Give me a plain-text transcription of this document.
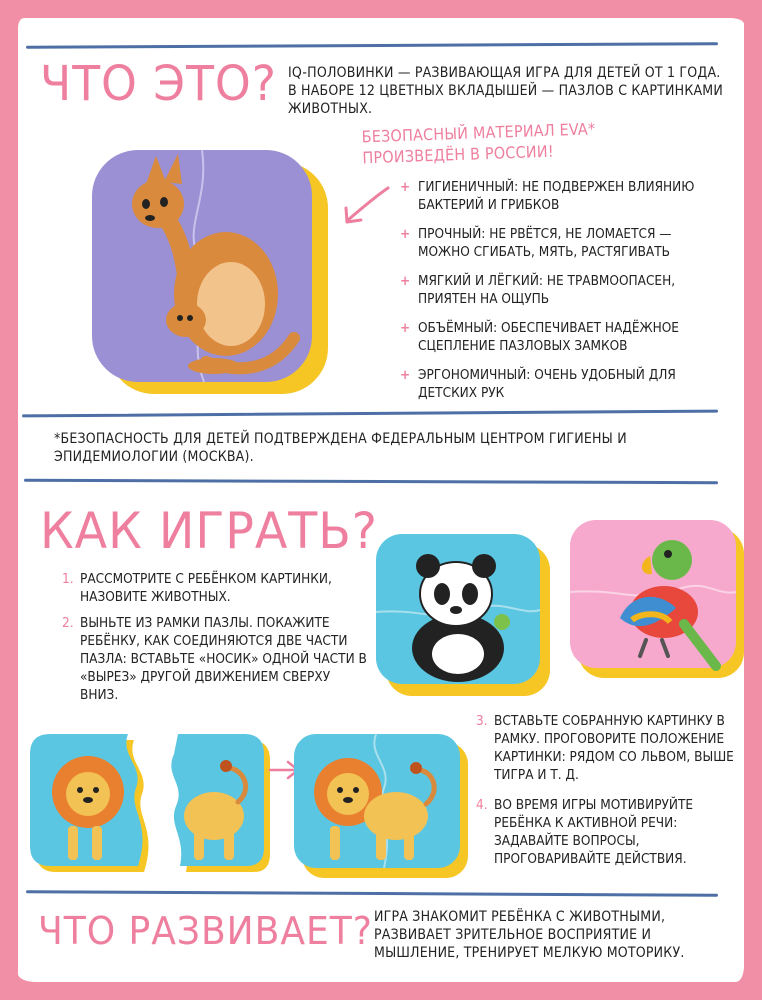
ЧТО ЭТО? IQ-ПОЛОВИНКИ — РАЗВИВАЮЩАЯ ИГРА ДЛЯ ДЕТЕЙ ОТ 1 ГОДА. В НАБОРЕ 12 ЦВЕТНЫХ ВКЛАДЫШЕЙ — ПАЗЛОВ С КАРТИНКАМИ ЖИВОТНЫХ.
БЕЗОПАСНЫЙ МАТЕРИАЛ EVA* ПРОИЗВЕДЁН В РОССИИ!
+ ГИГИЕНИЧНЫЙ: НЕ ПОДВЕРЖЕН ВЛИЯНИЮ БАКТЕРИЙ И ГРИБКОВ
+ ПРОЧНЫЙ: НЕ РВЁТСЯ, НЕ ЛОМАЕТСЯ — МОЖНО СГИБАТЬ, МЯТЬ, РАСТЯГИВАТЬ
+ МЯГКИЙ И ЛЁГКИЙ: НЕ ТРАВМООПАСЕН, ПРИЯТЕН НА ОЩУПЬ
+ ОБЪЁМНЫЙ: ОБЕСПЕЧИВАЕТ НАДЁЖНОЕ СЦЕПЛЕНИЕ ПАЗЛОВЫХ ЗАМКОВ
+ ЭРГОНОМИЧНЫЙ: ОЧЕНЬ УДОБНЫЙ ДЛЯ ДЕТСКИХ РУК
*БЕЗОПАСНОСТЬ ДЛЯ ДЕТЕЙ ПОДТВЕРЖДЕНА ФЕДЕРАЛЬНЫМ ЦЕНТРОМ ГИГИЕНЫ И ЭПИДЕМИОЛОГИИ (МОСКВА).
КАК ИГРАТЬ?
1. РАССМОТРИТЕ С РЕБЁНКОМ КАРТИНКИ, НАЗОВИТЕ ЖИВОТНЫХ.
2. ВЫНЬТЕ ИЗ РАМКИ ПАЗЛЫ. ПОКАЖИТЕ РЕБЁНКУ, КАК СОЕДИНЯЮТСЯ ДВЕ ЧАСТИ ПАЗЛА: ВСТАВЬТЕ «НОСИК» ОДНОЙ ЧАСТИ В «ВЫРЕЗ» ДРУГОЙ ДВИЖЕНИЕМ СВЕРХУ ВНИЗ.
3. ВСТАВЬТЕ СОБРАННУЮ КАРТИНКУ В РАМКУ. ПРОГОВОРИТЕ ПОЛОЖЕНИЕ КАРТИНКИ: РЯДОМ СО ЛЬВОМ, ВЫШЕ ТИГРА И Т. Д.
4. ВО ВРЕМЯ ИГРЫ МОТИВИРУЙТЕ РЕБЁНКА К АКТИВНОЙ РЕЧИ: ЗАДАВАЙТЕ ВОПРОСЫ, ПРОГОВАРИВАЙТЕ ДЕЙСТВИЯ.
ЧТО РАЗВИВАЕТ? ИГРА ЗНАКОМИТ РЕБЁНКА С ЖИВОТНЫМИ, РАЗВИВАЕТ ЗРИТЕЛЬНОЕ ВОСПРИЯТИЕ И МЫШЛЕНИЕ, ТРЕНИРУЕТ МЕЛКУЮ МОТОРИКУ.
